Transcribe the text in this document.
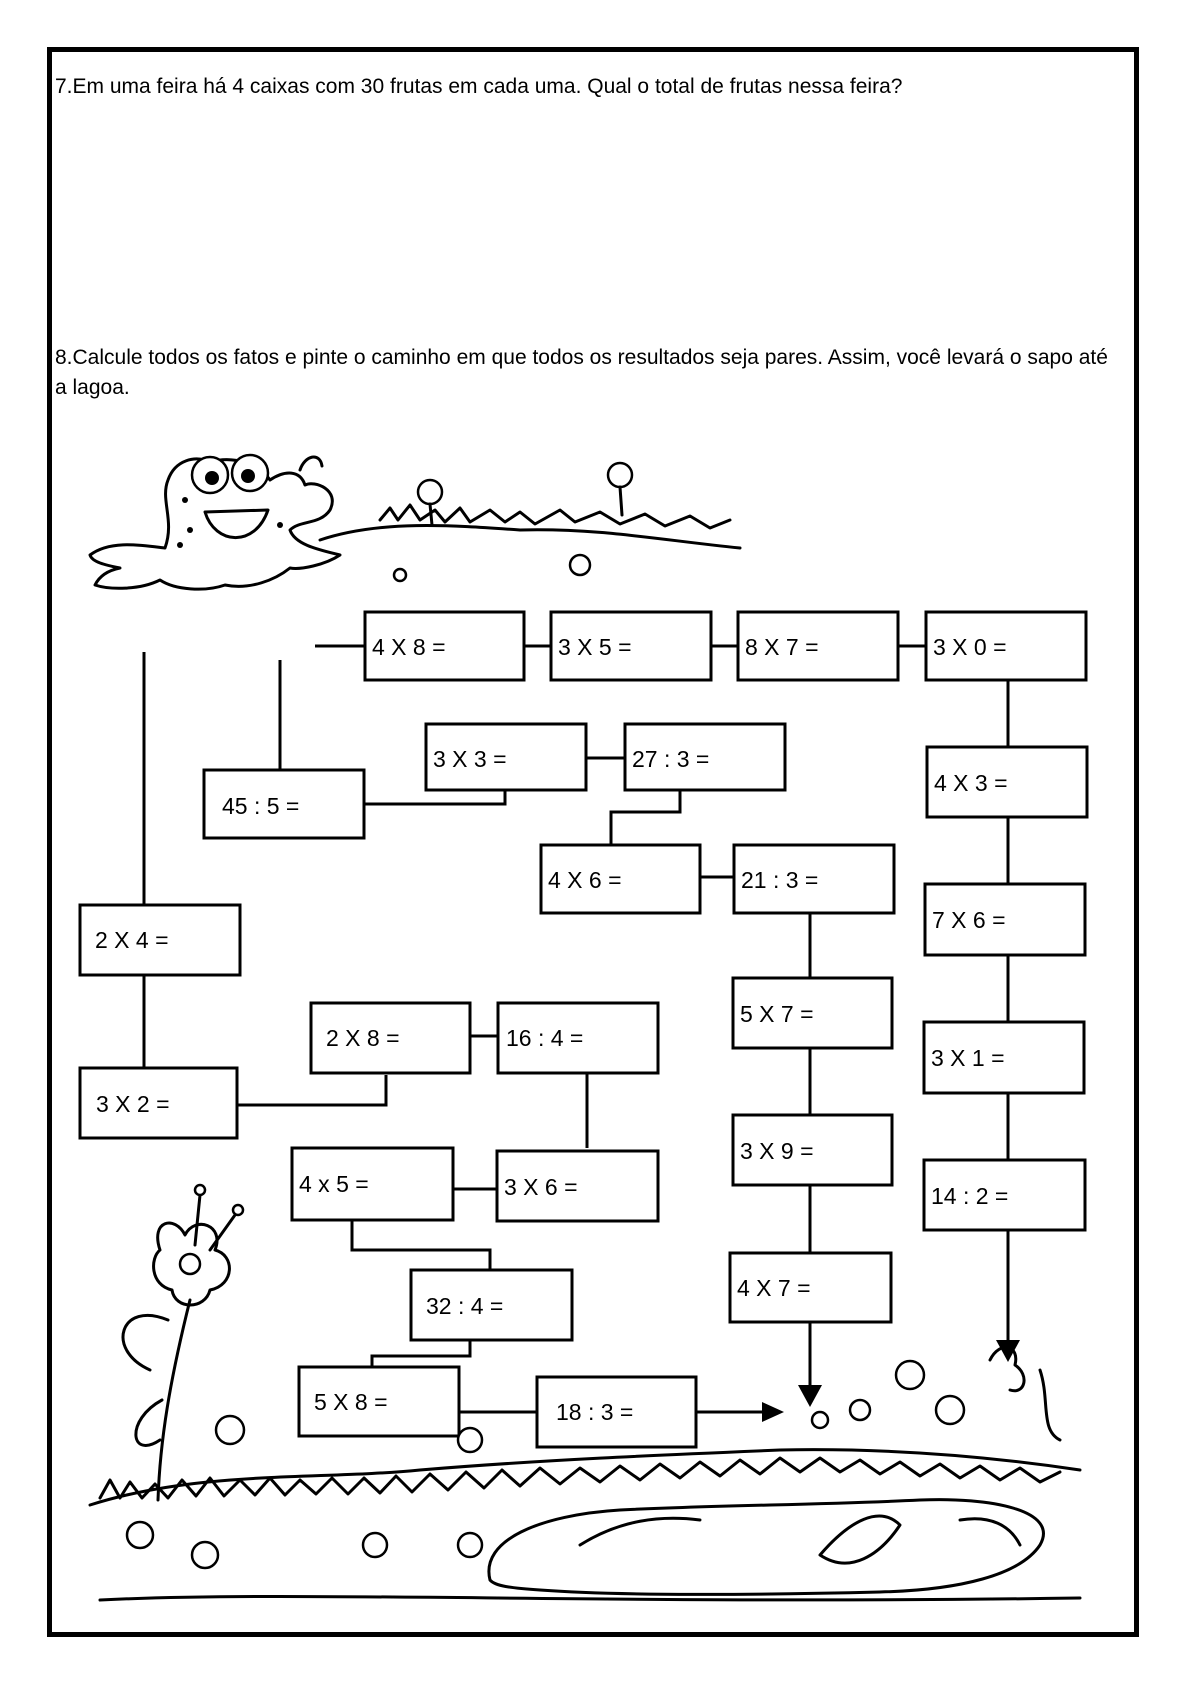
7.Em uma feira há 4 caixas com 30 frutas em cada uma. Qual o total de frutas nessa feira?

8.Calcule todos os fatos e pinte o caminho em que todos os resultados seja pares. Assim, você levará o sapo até a lagoa.

4 X 8 =	3 X 5 =	8 X 7 =	3 X 0 =
3 X 3 =	27 : 3 =
45 : 5 =
4 X 3 =
4 X 6 =	21 : 3 =
7 X 6 =
2 X 4 =
5 X 7 =
2 X 8 =	16 : 4 =
3 X 1 =
3 X 2 =
3 X 9 =
4 x 5 =	3 X 6 =	14 : 2 =
32 : 4 =
4 X 7 =
5 X 8 =	18 : 3 =
